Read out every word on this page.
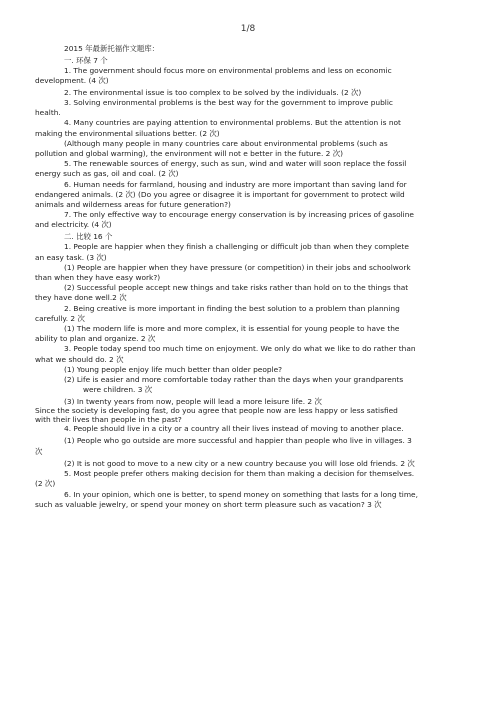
1/8

2015 年最新托福作文题库：

一. 环保 7 个

1. The government should focus more on environmental problems and less on economic
development. (4 次)

2. The environmental issue is too complex to be solved by the individuals. (2 次)

3. Solving environmental problems is the best way for the government to improve public
health.

4. Many countries are paying attention to environmental problems. But the attention is not
making the environmental siluations better. (2 次)

(Although many people in many countries care about environmental problems (such as
pollution and global warming), the environment will not e better in the future. 2 次)

5. The renewable sources of energy, such as sun, wind and water will soon replace the fossil
energy such as gas, oil and coal. (2 次)

6. Human needs for farmland, housing and industry are more important than saving land for
endangered animals. (2 次) (Do you agree or disagree it is important for government to protect wild
animals and wilderness areas for future generation?)

7. The only effective way to encourage energy conservation is by increasing prices of gasoline
and electricity. (4 次)

二. 比较 16 个

1. People are happier when they finish a challenging or difficult job than when they complete
an easy task. (3 次)

(1) People are happier when they have pressure (or competition) in their jobs and schoolwork
than when they have easy work?)

(2) Successful people accept new things and take risks rather than hold on to the things that
they have done well.2 次

2. Being creative is more important in finding the best solution to a problem than planning
carefully. 2 次

(1) The modern life is more and more complex, it is essential for young people to have the
ability to plan and organize. 2 次

3. People today spend too much time on enjoyment. We only do what we like to do rather than
what we should do. 2 次

(1) Young people enjoy life much better than older people?

(2) Life is easier and more comfortable today rather than the days when your grandparents
were children. 3 次

(3) In twenty years from now, people will lead a more leisure life. 2 次

Since the society is developing fast, do you agree that people now are less happy or less satisfied
with their lives than people in the past?

4. People should live in a city or a country all their lives instead of moving to another place.

(1) People who go outside are more successful and happier than people who live in villages. 3
次

(2) It is not good to move to a new city or a new country because you will lose old friends. 2 次

5. Most people prefer others making decision for them than making a decision for themselves.
(2 次)

6. In your opinion, which one is better, to spend money on something that lasts for a long time,
such as valuable jewelry, or spend your money on short term pleasure such as vacation? 3 次
